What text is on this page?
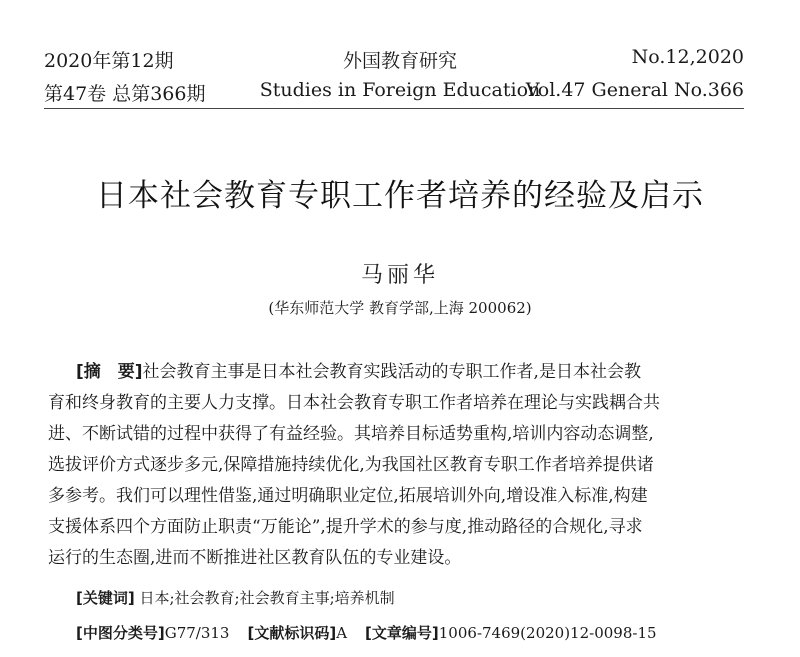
2020年第12期	外国教育研究	No.12,2020
第47卷 总第366期	Studies in Foreign Education
Vol.47 General No.366
日本社会教育专职工作者培养的经验及启示
马丽华
(华东师范大学 教育学部,上海 200062)
[摘　要]社会教育主事是日本社会教育实践活动的专职工作者,是日本社会教
育和终身教育的主要人力支撑。日本社会教育专职工作者培养在理论与实践耦合共
进、不断试错的过程中获得了有益经验。其培养目标适势重构,培训内容动态调整,
选拔评价方式逐步多元,保障措施持续优化,为我国社区教育专职工作者培养提供诸
多参考。我们可以理性借鉴,通过明确职业定位,拓展培训外向,增设准入标准,构建
支援体系四个方面防止职责“万能论”,提升学术的参与度,推动路径的合规化,寻求
运行的生态圈,进而不断推进社区教育队伍的专业建设。
[关键词] 日本;社会教育;社会教育主事;培养机制
[中图分类号]G77/313 [文献标识码]A [文章编号]1006-7469(2020)12-0098-15
